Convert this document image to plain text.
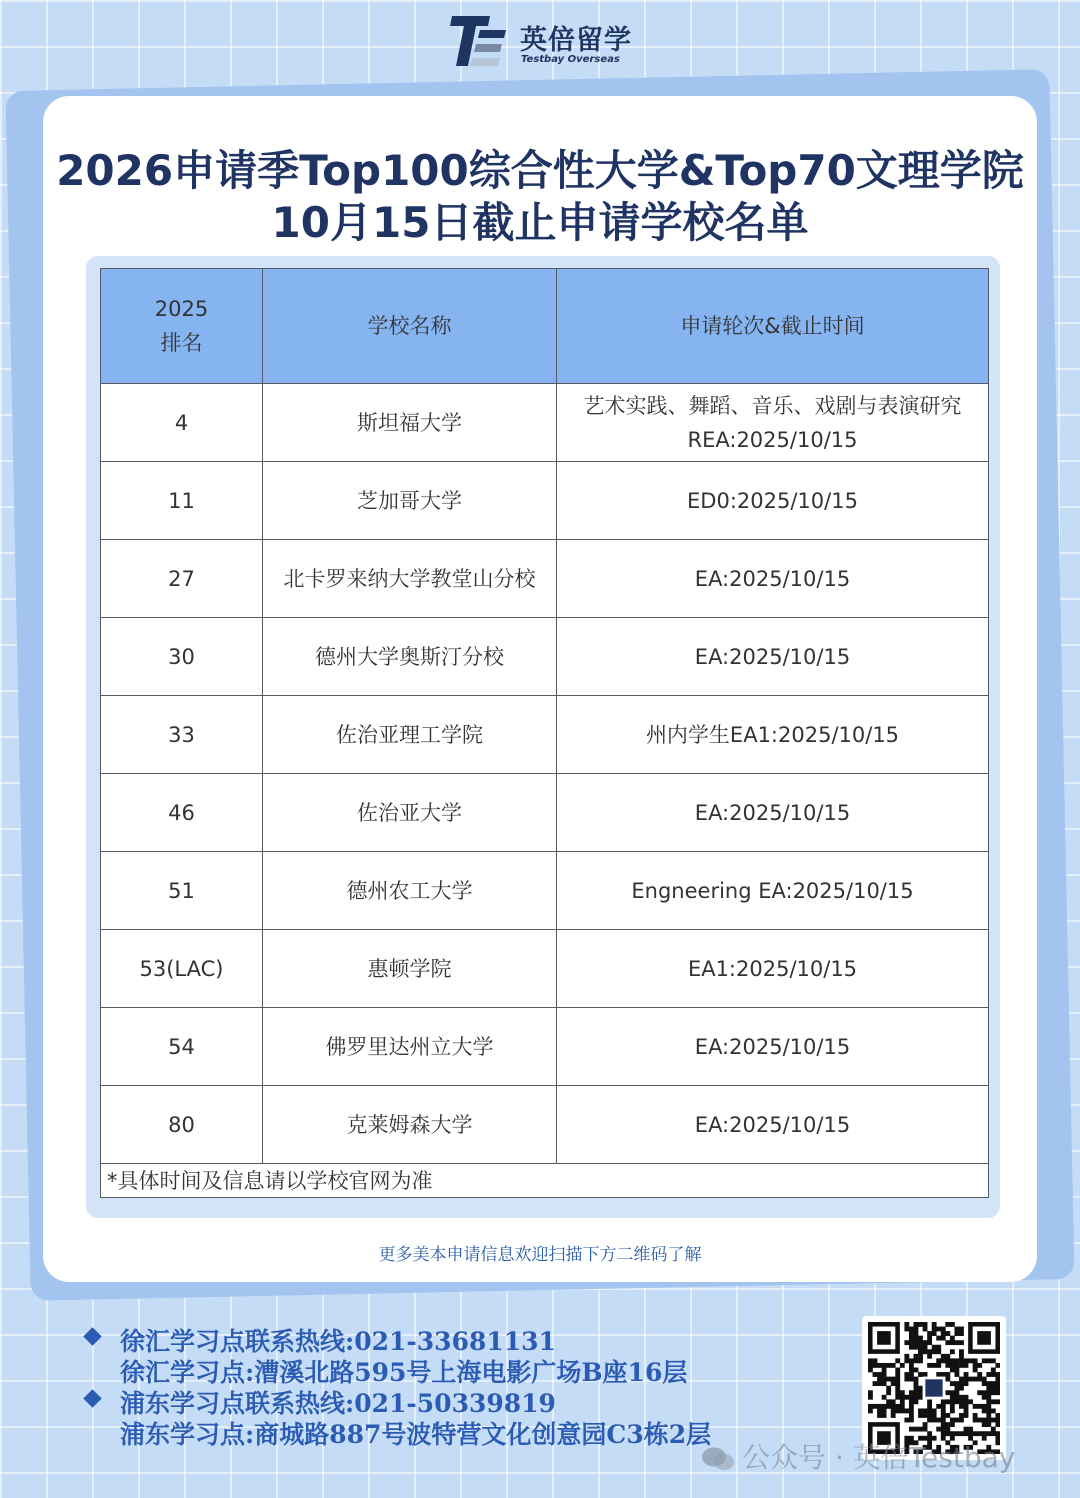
英倍留学
Testbay Overseas
2026申请季Top100综合性大学&Top70文理学院
10月15日截止申请学校名单
2025
排名	学校名称	申请轮次&截止时间
4	斯坦福大学	艺术实践、舞蹈、音乐、戏剧与表演研究
REA:2025/10/15

11	芝加哥大学	ED0:2025/10/15
27	北卡罗来纳大学教堂山分校	EA:2025/10/15
30	德州大学奥斯汀分校	EA:2025/10/15
33	佐治亚理工学院	州内学生EA1:2025/10/15
46	佐治亚大学	EA:2025/10/15
51	德州农工大学	Engneering EA:2025/10/15
53(LAC)	惠顿学院	EA1:2025/10/15
54	佛罗里达州立大学	EA:2025/10/15
80	克莱姆森大学	EA:2025/10/15
*具体时间及信息请以学校官网为准		
更多美本申请信息欢迎扫描下方二维码了解
徐汇学习点联系热线:021-33681131
徐汇学习点:漕溪北路595号上海电影广场B座16层
浦东学习点联系热线:021-50339819
浦东学习点:商城路887号波特营文化创意园C3栋2层
公众号 · 英倍Testbay
